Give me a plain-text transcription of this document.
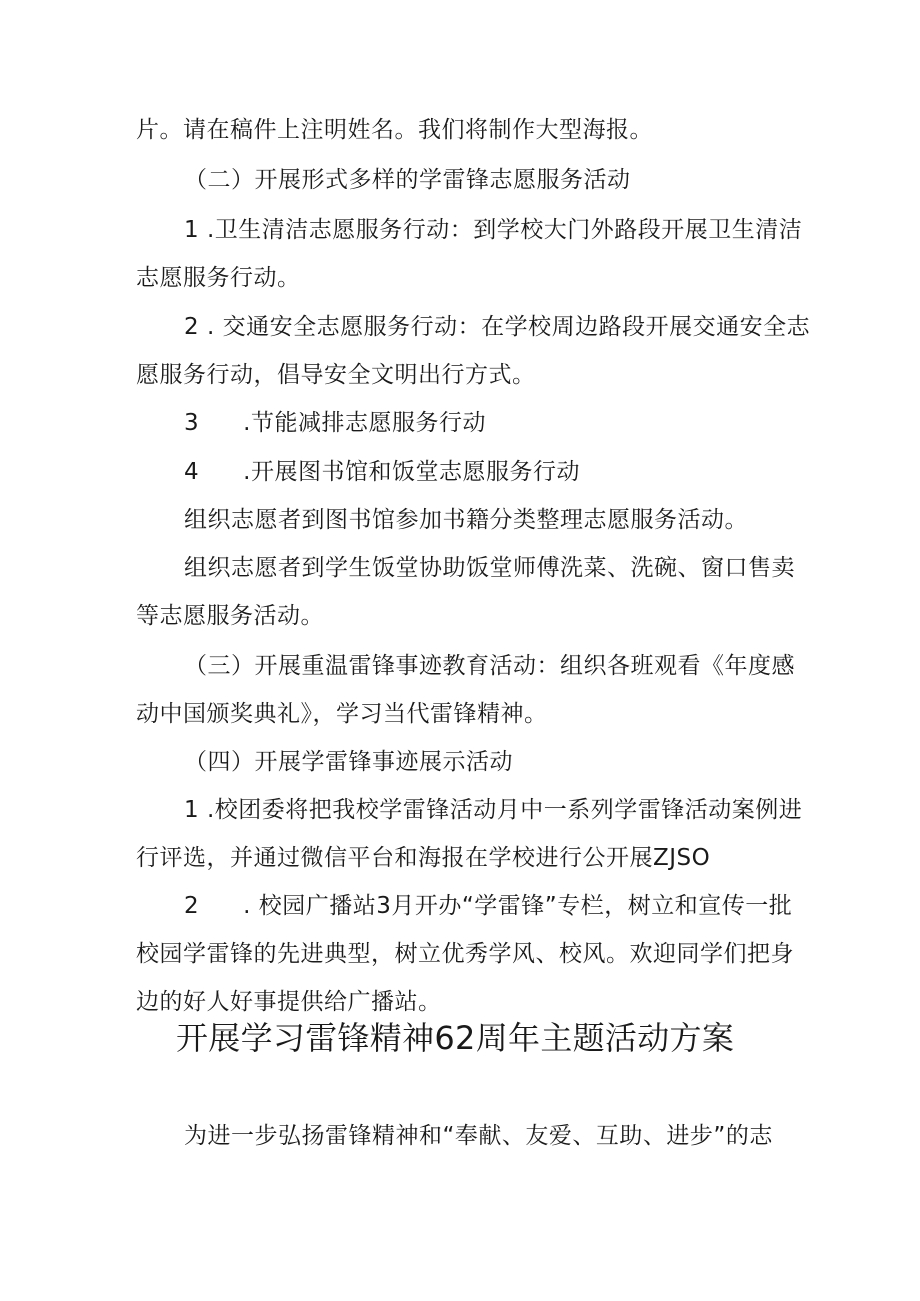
片。请在稿件上注明姓名。我们将制作大型海报。

（二）开展形式多样的学雷锋志愿服务活动

1 .卫生清洁志愿服务行动：到学校大门外路段开展卫生清洁

志愿服务行动。

2 . 交通安全志愿服务行动：在学校周边路段开展交通安全志

愿服务行动，倡导安全文明出行方式。

3 .节能减排志愿服务行动

4 .开展图书馆和饭堂志愿服务行动

组织志愿者到图书馆参加书籍分类整理志愿服务活动。

组织志愿者到学生饭堂协助饭堂师傅洗菜、洗碗、窗口售卖

等志愿服务活动。

（三）开展重温雷锋事迹教育活动：组织各班观看《年度感

动中国颁奖典礼》，学习当代雷锋精神。

（四）开展学雷锋事迹展示活动

1 .校团委将把我校学雷锋活动月中一系列学雷锋活动案例进

行评选，并通过微信平台和海报在学校进行公开展ZJSO

2 . 校园广播站3月开办“学雷锋”专栏，树立和宣传一批

校园学雷锋的先进典型，树立优秀学风、校风。欢迎同学们把身

边的好人好事提供给广播站。

开展学习雷锋精神62周年主题活动方案

为进一步弘扬雷锋精神和“奉献、友爱、互助、进步”的志
